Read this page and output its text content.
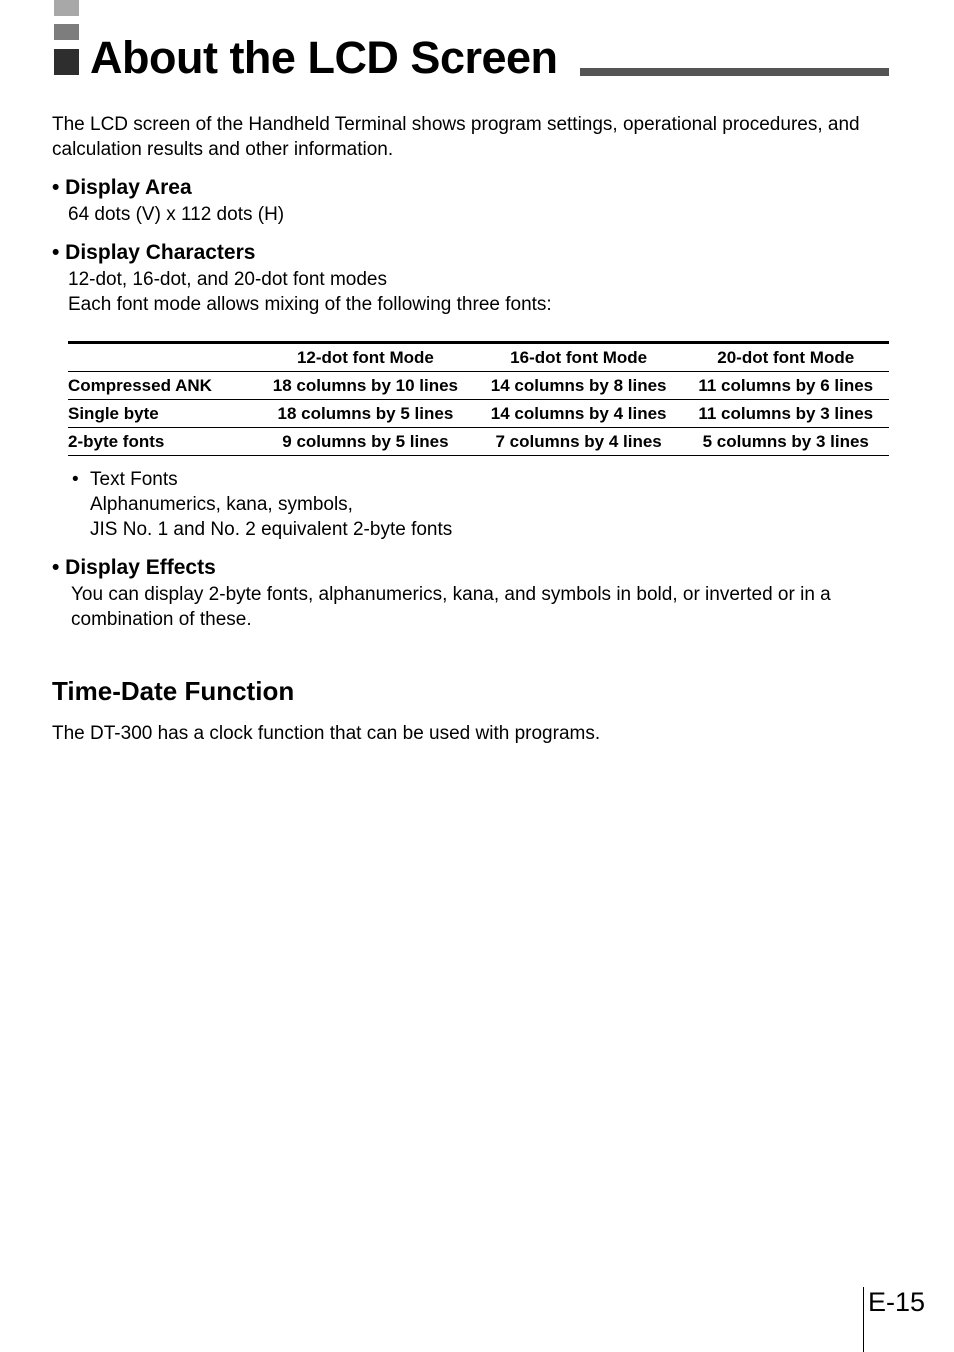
About the LCD Screen

The LCD screen of the Handheld Terminal shows program settings, operational procedures, and calculation results and other information.

• Display Area
64 dots (V) x 112 dots (H)
• Display Characters
12-dot, 16-dot, and 20-dot font modes
Each font mode allows mixing of the following three fonts:
	12-dot font Mode	16-dot font Mode	20-dot font Mode
Compressed ANK	18 columns by 10 lines	14 columns by 8 lines	11 columns by 6 lines
Single byte	18 columns by 5 lines	14 columns by 4 lines	11 columns by 3 lines
2-byte fonts	9 columns by 5 lines	7 columns by 4 lines	5 columns by 3 lines
• Text Fonts
Alphanumerics, kana, symbols,
JIS No. 1 and No. 2 equivalent 2-byte fonts
• Display Effects

You can display 2-byte fonts, alphanumerics, kana, and symbols in bold, or inverted or in a combination of these.

Time-Date Function

The DT-300 has a clock function that can be used with programs.

E-15
